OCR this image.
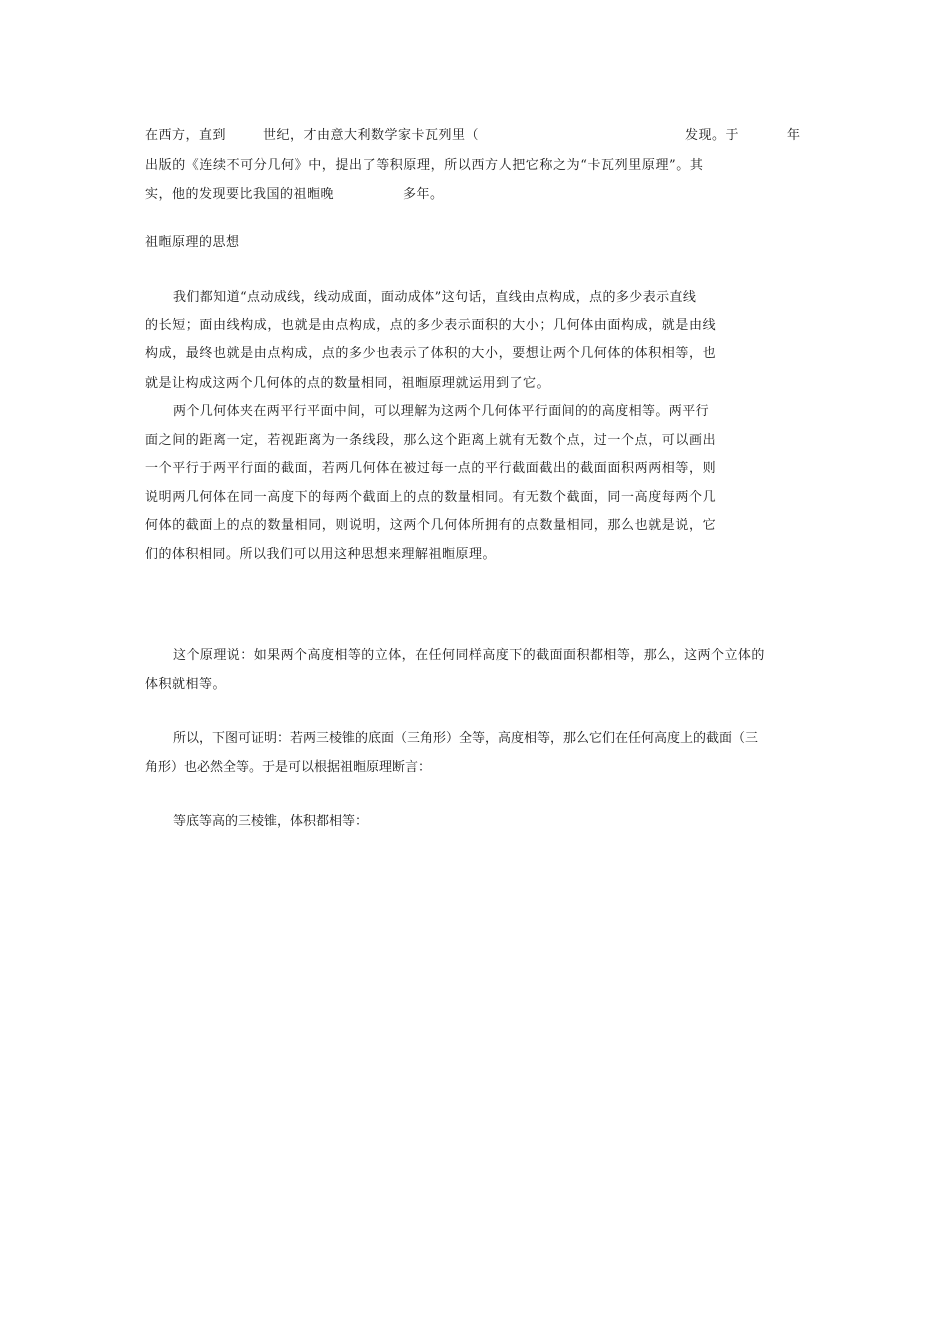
在西方，直到	世纪，才由意大利数学家卡瓦列里（	发现。于	年
出版的《连续不可分几何》中，提出了等积原理，所以西方人把它称之为“卡瓦列里原理”。其
实，他的发现要比我国的祖暅晚	多年。
祖暅原理的思想
我们都知道“点动成线，线动成面，面动成体”这句话，直线由点构成，点的多少表示直线
的长短；面由线构成，也就是由点构成，点的多少表示面积的大小；几何体由面构成，就是由线
构成，最终也就是由点构成，点的多少也表示了体积的大小，要想让两个几何体的体积相等，也
就是让构成这两个几何体的点的数量相同，祖暅原理就运用到了它。
两个几何体夹在两平行平面中间，可以理解为这两个几何体平行面间的的高度相等。两平行
面之间的距离一定，若视距离为一条线段，那么这个距离上就有无数个点，过一个点，可以画出
一个平行于两平行面的截面，若两几何体在被过每一点的平行截面截出的截面面积两两相等，则
说明两几何体在同一高度下的每两个截面上的点的数量相同。有无数个截面，同一高度每两个几
何体的截面上的点的数量相同，则说明，这两个几何体所拥有的点数量相同，那么也就是说，它
们的体积相同。所以我们可以用这种思想来理解祖暅原理。
这个原理说：如果两个高度相等的立体，在任何同样高度下的截面面积都相等，那么，这两个立体的
体积就相等。
所以，下图可证明：若两三棱锥的底面（三角形）全等，高度相等，那么它们在任何高度上的截面（三
角形）也必然全等。于是可以根据祖暅原理断言：
等底等高的三棱锥，体积都相等：
